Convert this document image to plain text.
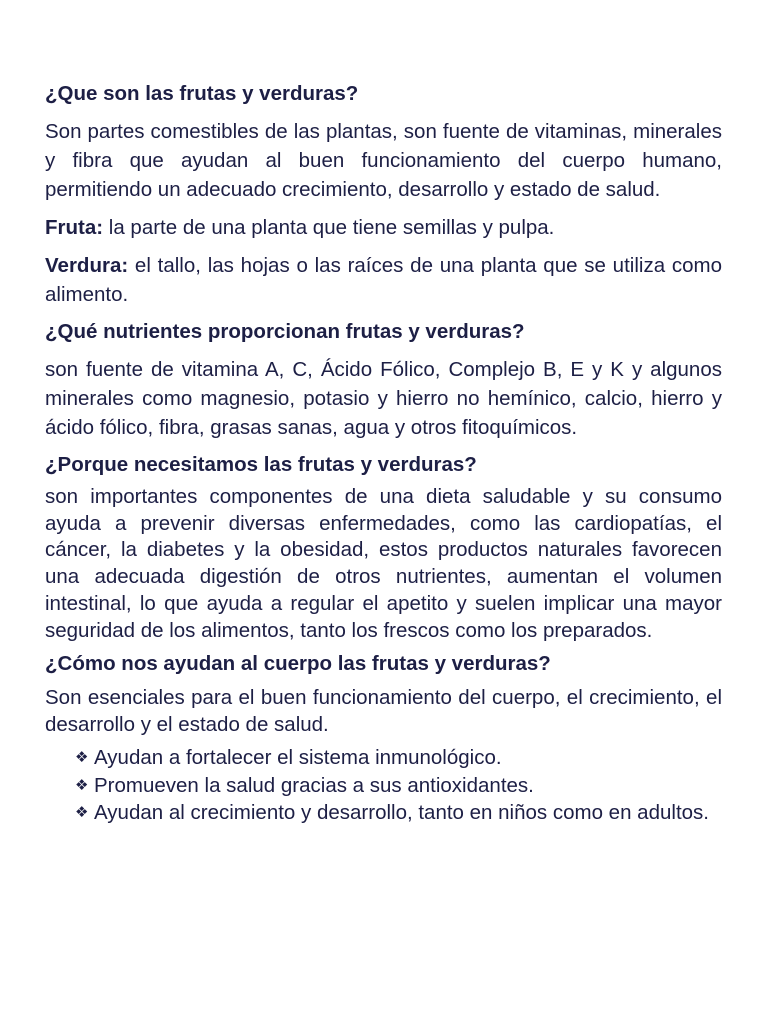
¿Que son las frutas y verduras?

Son partes comestibles de las plantas, son fuente de vitaminas, minerales y fibra que ayudan al buen funcionamiento del cuerpo humano, permitiendo un adecuado crecimiento, desarrollo y estado de salud.

Fruta: la parte de una planta que tiene semillas y pulpa.

Verdura: el tallo, las hojas o las raíces de una planta que se utiliza como alimento.

¿Qué nutrientes proporcionan frutas y verduras?

son fuente de vitamina A, C, Ácido Fólico, Complejo B, E y K y algunos minerales como magnesio, potasio y hierro no hemínico, calcio, hierro y ácido fólico, fibra, grasas sanas, agua y otros fitoquímicos.

¿Porque necesitamos las frutas y verduras?

son importantes componentes de una dieta saludable y su consumo ayuda a prevenir diversas enfermedades, como las cardiopatías, el cáncer, la diabetes y la obesidad, estos productos naturales favorecen una adecuada digestión de otros nutrientes, aumentan el volumen intestinal, lo que ayuda a regular el apetito y suelen implicar una mayor seguridad de los alimentos, tanto los frescos como los preparados.

¿Cómo nos ayudan al cuerpo las frutas y verduras?

Son esenciales para el buen funcionamiento del cuerpo, el crecimiento, el desarrollo y el estado de salud.

❖ Ayudan a fortalecer el sistema inmunológico.
❖ Promueven la salud gracias a sus antioxidantes.
❖ Ayudan al crecimiento y desarrollo, tanto en niños como en adultos.
